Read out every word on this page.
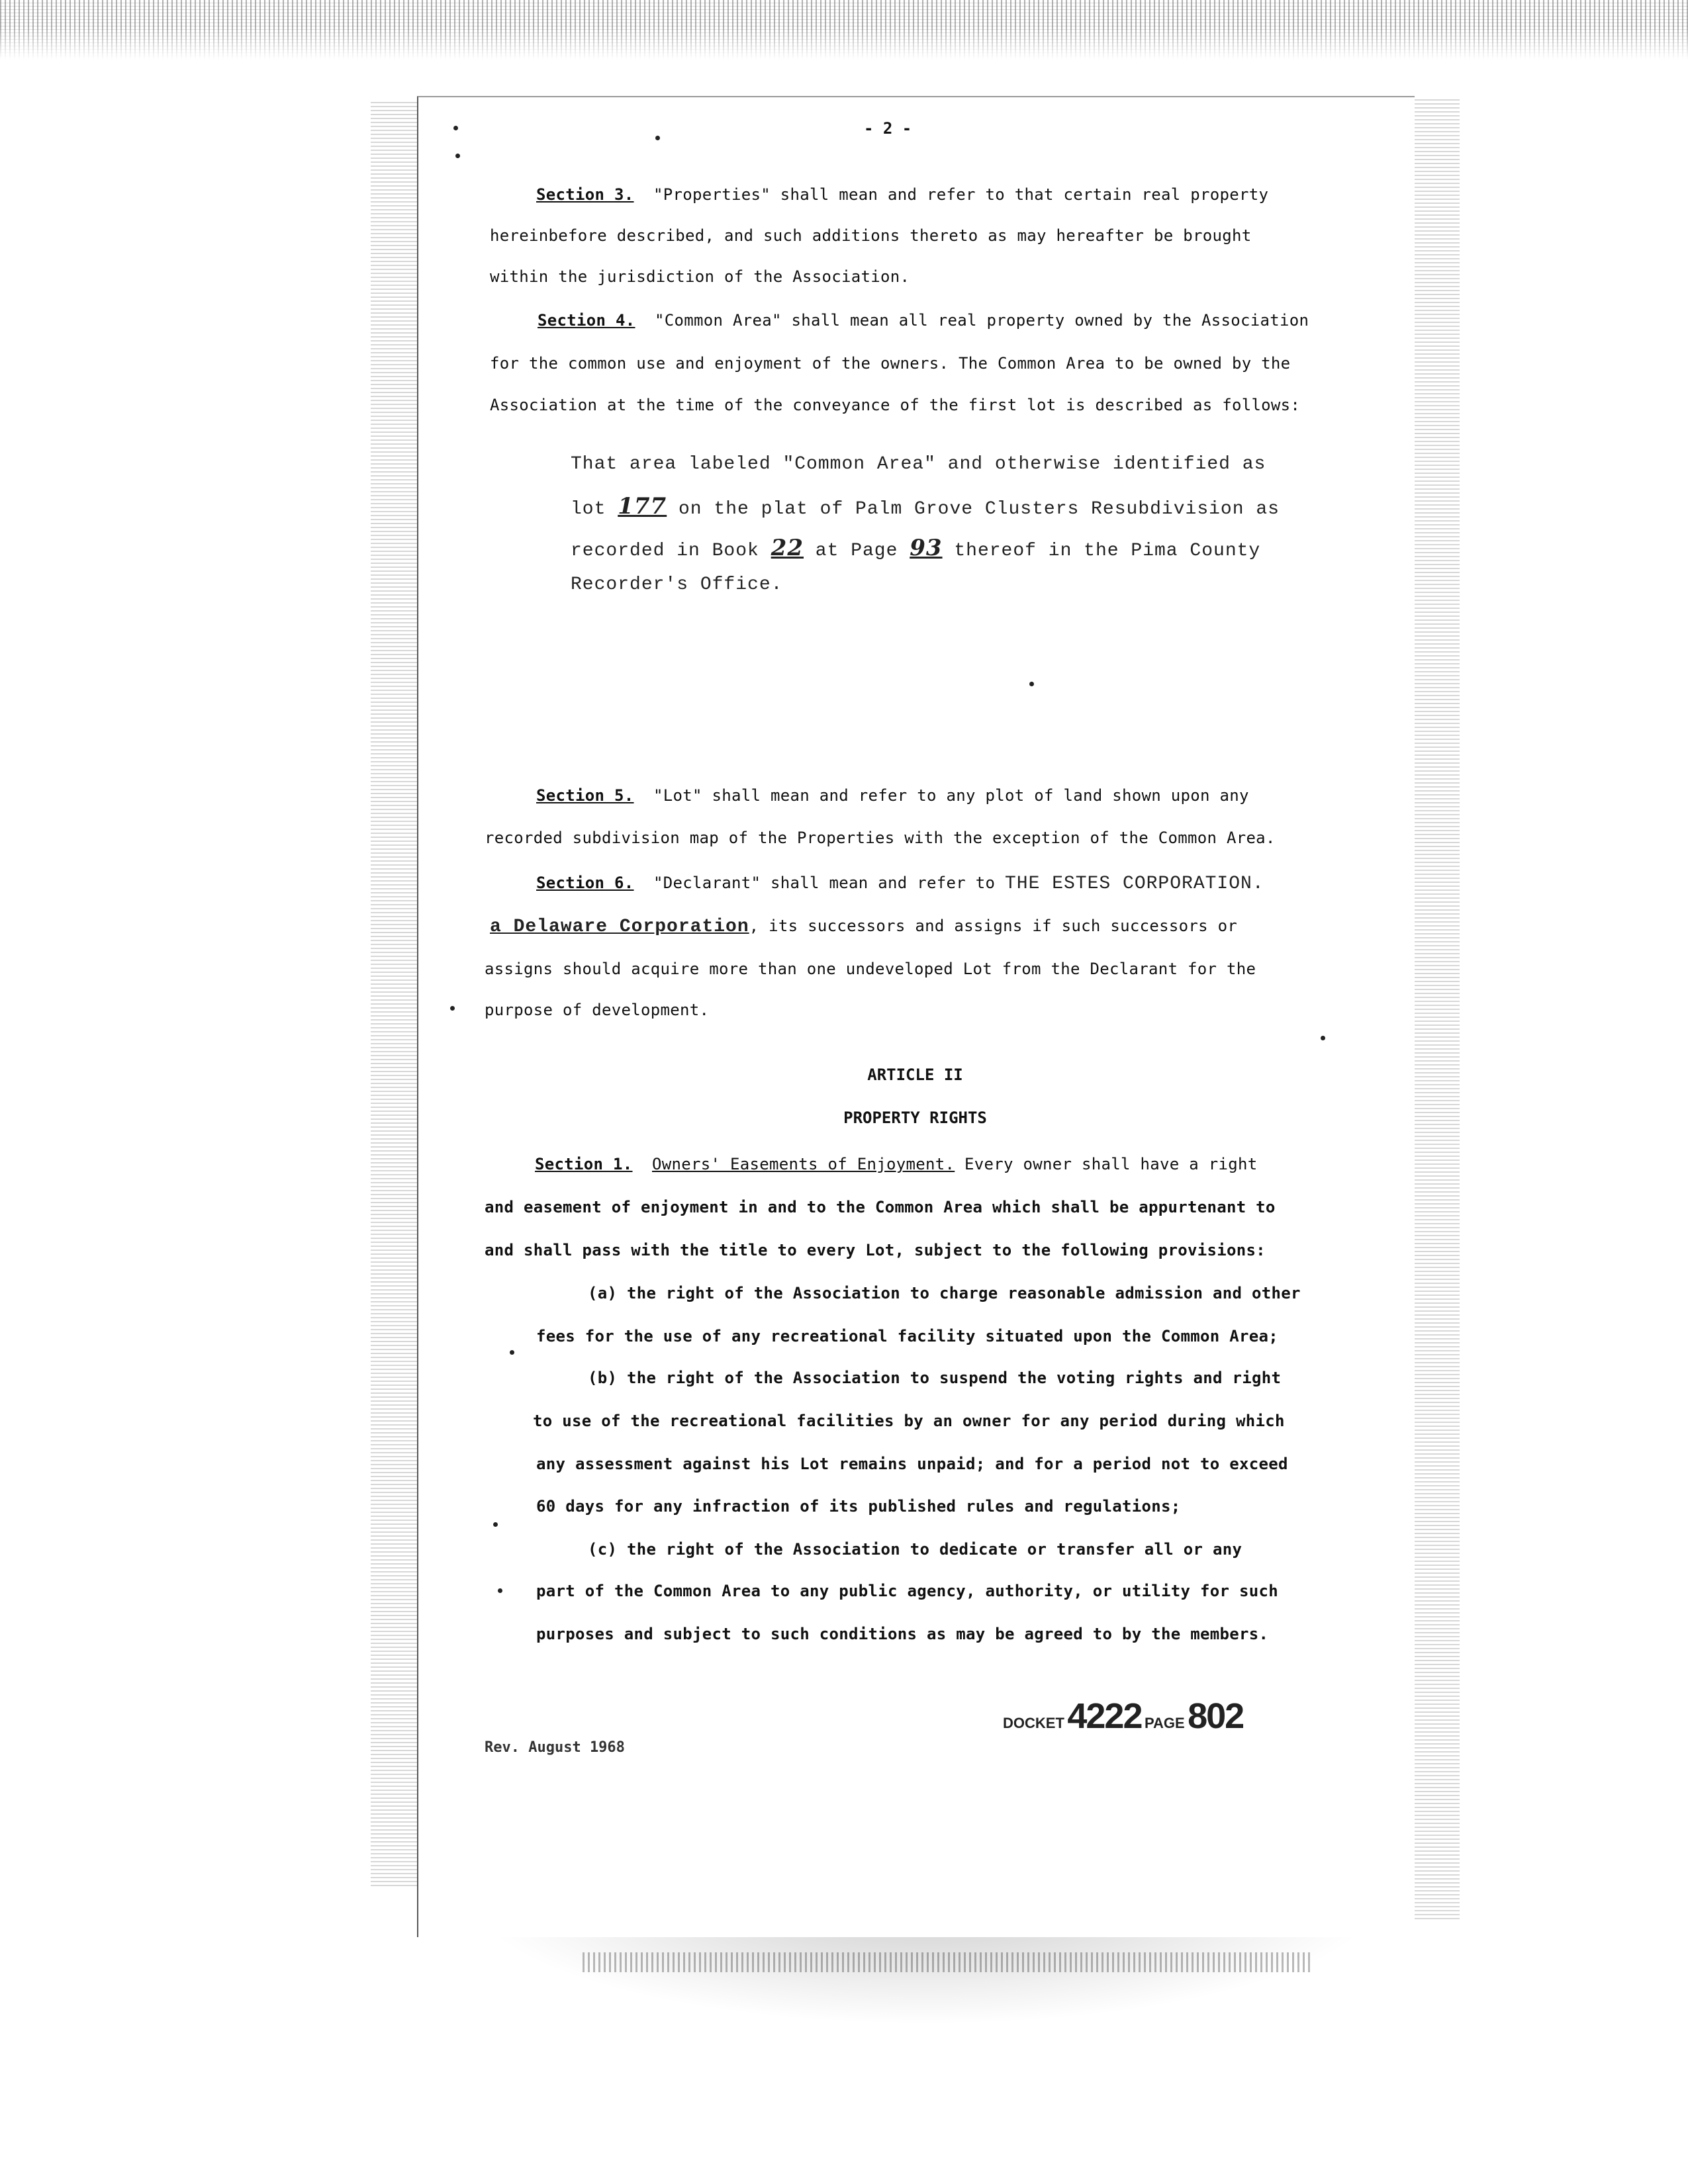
- 2 -
Section 3. "Properties" shall mean and refer to that certain real property
hereinbefore described, and such additions thereto as may hereafter be brought
within the jurisdiction of the Association.
Section 4. "Common Area" shall mean all real property owned by the Association
for the common use and enjoyment of the owners. The Common Area to be owned by the
Association at the time of the conveyance of the first lot is described as follows:
That area labeled "Common Area" and otherwise identified as
lot 177 on the plat of Palm Grove Clusters Resubdivision as
recorded in Book 22 at Page 93 thereof in the Pima County
Recorder's Office.
Section 5. "Lot" shall mean and refer to any plot of land shown upon any
recorded subdivision map of the Properties with the exception of the Common Area.
Section 6. "Declarant" shall mean and refer to THE ESTES CORPORATION.
a Delaware Corporation, its successors and assigns if such successors or
assigns should acquire more than one undeveloped Lot from the Declarant for the
purpose of development.
ARTICLE II
PROPERTY RIGHTS
Section 1. Owners' Easements of Enjoyment. Every owner shall have a right
and easement of enjoyment in and to the Common Area which shall be appurtenant to
and shall pass with the title to every Lot, subject to the following provisions:
(a) the right of the Association to charge reasonable admission and other
fees for the use of any recreational facility situated upon the Common Area;
(b) the right of the Association to suspend the voting rights and right
to use of the recreational facilities by an owner for any period during which
any assessment against his Lot remains unpaid; and for a period not to exceed
60 days for any infraction of its published rules and regulations;
(c) the right of the Association to dedicate or transfer all or any
part of the Common Area to any public agency, authority, or utility for such
purposes and subject to such conditions as may be agreed to by the members.
Rev. August 1968
DOCKET 4222 PAGE 802
